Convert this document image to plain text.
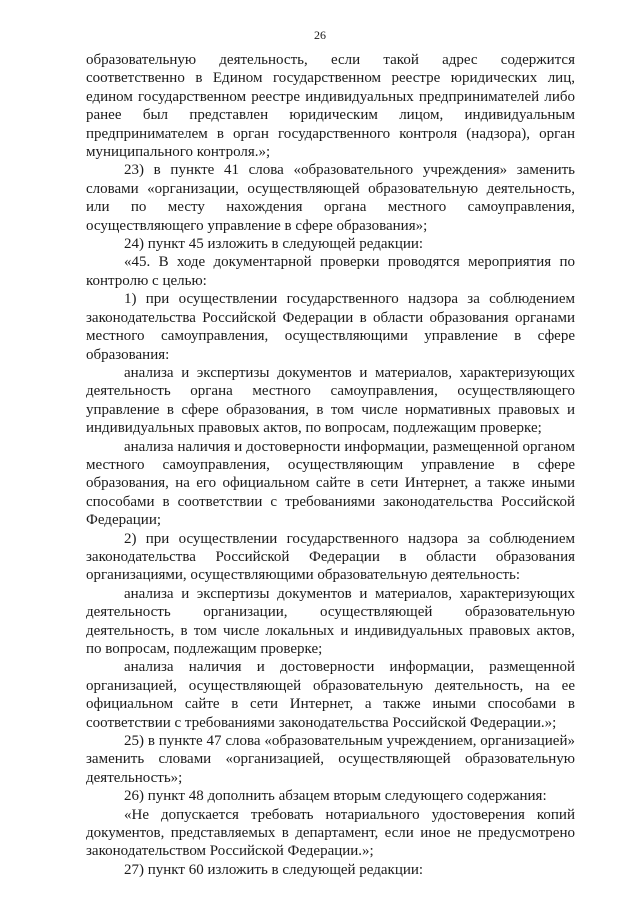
26

образовательную деятельность, если такой адрес содержится соответственно в Едином государственном реестре юридических лиц, едином государственном реестре индивидуальных предпринимателей либо ранее был представлен юридическим лицом, индивидуальным предпринимателем в орган государственного контроля (надзора), орган муниципального контроля.»;

23) в пункте 41 слова «образовательного учреждения» заменить словами «организации, осуществляющей образовательную деятельность, или по месту нахождения органа местного самоуправления, осуществляющего управление в сфере образования»;

24) пункт 45 изложить в следующей редакции:

«45. В ходе документарной проверки проводятся мероприятия по контролю с целью:

1) при осуществлении государственного надзора за соблюдением законодательства Российской Федерации в области образования органами местного самоуправления, осуществляющими управление в сфере образования:

анализа и экспертизы документов и материалов, характеризующих деятельность органа местного самоуправления, осуществляющего управление в сфере образования, в том числе нормативных правовых и индивидуальных правовых актов, по вопросам, подлежащим проверке;

анализа наличия и достоверности информации, размещенной органом местного самоуправления, осуществляющим управление в сфере образования, на его официальном сайте в сети Интернет, а также иными способами в соответствии с требованиями законодательства Российской Федерации;

2) при осуществлении государственного надзора за соблюдением законодательства Российской Федерации в области образования организациями, осуществляющими образовательную деятельность:

анализа и экспертизы документов и материалов, характеризующих деятельность организации, осуществляющей образовательную деятельность, в том числе локальных и индивидуальных правовых актов, по вопросам, подлежащим проверке;

анализа наличия и достоверности информации, размещенной организацией, осуществляющей образовательную деятельность, на ее официальном сайте в сети Интернет, а также иными способами в соответствии с требованиями законодательства Российской Федерации.»;

25) в пункте 47 слова «образовательным учреждением, организацией» заменить словами «организацией, осуществляющей образовательную деятельность»;

26) пункт 48 дополнить абзацем вторым следующего содержания:

«Не допускается требовать нотариального удостоверения копий документов, представляемых в департамент, если иное не предусмотрено законодательством Российской Федерации.»;

27) пункт 60 изложить в следующей редакции:
